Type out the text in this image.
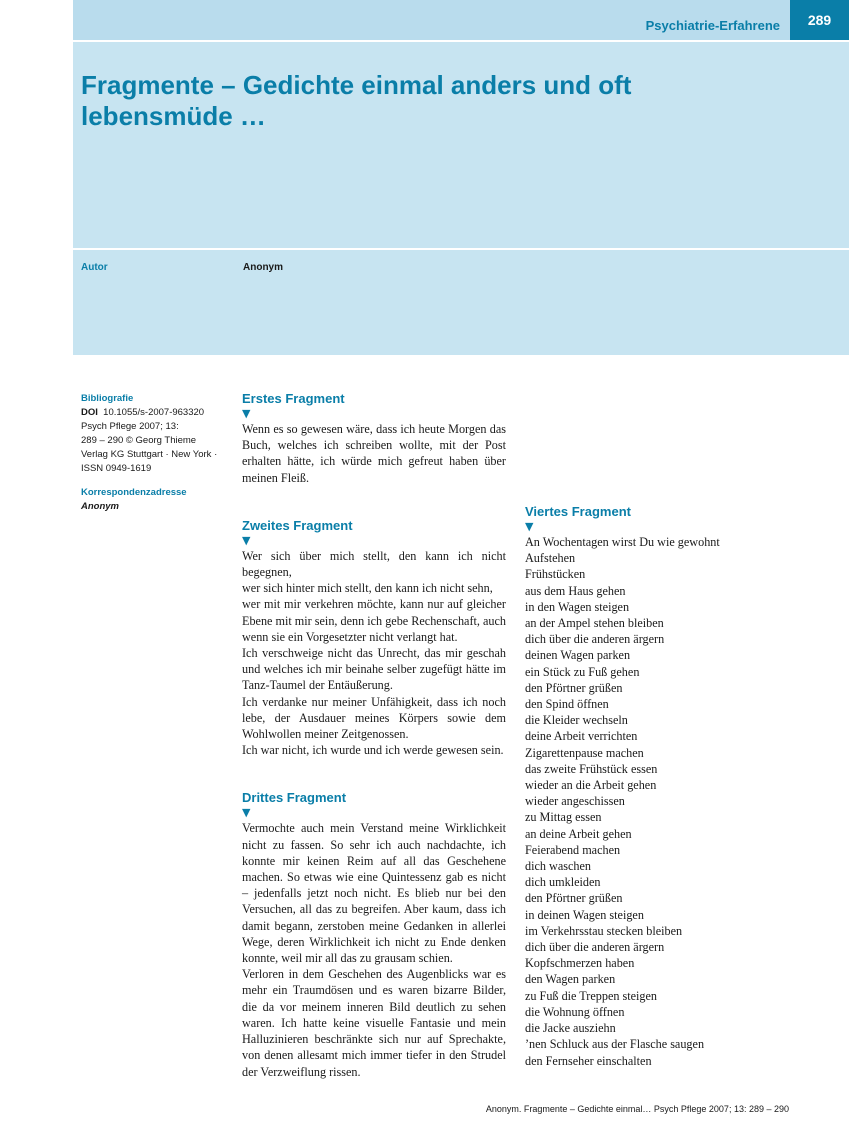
Psychiatrie-Erfahrene	289
Fragmente – Gedichte einmal anders und oft lebensmüde …
Autor	Anonym
Bibliografie
DOI 10.1055/s-2007-963320
Psych Pflege 2007; 13:
289 – 290 © Georg Thieme
Verlag KG Stuttgart · New York ·
ISSN 0949-1619
Korrespondenzadresse
Anonym
Erstes Fragment
▼

Wenn es so gewesen wäre, dass ich heute Morgen das Buch, welches ich schreiben wollte, mit der Post erhalten hätte, ich würde mich gefreut haben über meinen Fleiß.

Zweites Fragment
▼

Wer sich über mich stellt, den kann ich nicht begegnen,
wer sich hinter mich stellt, den kann ich nicht sehn,
wer mit mir verkehren möchte, kann nur auf gleicher Ebene mit mir sein, denn ich gebe Rechenschaft, auch wenn sie ein Vorgesetzter nicht verlangt hat.
Ich verschweige nicht das Unrecht, das mir geschah und welches ich mir beinahe selber zugefügt hätte im Tanz-Taumel der Entäußerung.
Ich verdanke nur meiner Unfähigkeit, dass ich noch lebe, der Ausdauer meines Körpers sowie dem Wohlwollen meiner Zeitgenossen.
Ich war nicht, ich wurde und ich werde gewesen sein.

Drittes Fragment
▼

Vermochte auch mein Verstand meine Wirklichkeit nicht zu fassen. So sehr ich auch nachdachte, ich konnte mir keinen Reim auf all das Geschehene machen. So etwas wie eine Quintessenz gab es nicht – jedenfalls jetzt noch nicht. Es blieb nur bei den Versuchen, all das zu begreifen. Aber kaum, dass ich damit begann, zerstoben meine Gedanken in allerlei Wege, deren Wirklichkeit ich nicht zu Ende denken konnte, weil mir all das zu grausam schien.

Verloren in dem Geschehen des Augenblicks war es mehr ein Traumdösen und es waren bizarre Bilder, die da vor meinem inneren Bild deutlich zu sehen waren. Ich hatte keine visuelle Fantasie und mein Halluzinieren beschränkte sich nur auf Sprechakte, von denen allesamt mich immer tiefer in den Strudel der Verzweiflung rissen.

Viertes Fragment
▼
An Wochentagen wirst Du wie gewohnt
Aufstehen
Frühstücken
aus dem Haus gehen
in den Wagen steigen
an der Ampel stehen bleiben
dich über die anderen ärgern
deinen Wagen parken
ein Stück zu Fuß gehen
den Pförtner grüßen
den Spind öffnen
die Kleider wechseln
deine Arbeit verrichten
Zigarettenpause machen
das zweite Frühstück essen
wieder an die Arbeit gehen
wieder angeschissen
zu Mittag essen
an deine Arbeit gehen
Feierabend machen
dich waschen
dich umkleiden
den Pförtner grüßen
in deinen Wagen steigen
im Verkehrsstau stecken bleiben
dich über die anderen ärgern
Kopfschmerzen haben
den Wagen parken
zu Fuß die Treppen steigen
die Wohnung öffnen
die Jacke ausziehn
’nen Schluck aus der Flasche saugen
den Fernseher einschalten
Anonym. Fragmente – Gedichte einmal… Psych Pflege 2007; 13: 289 – 290
